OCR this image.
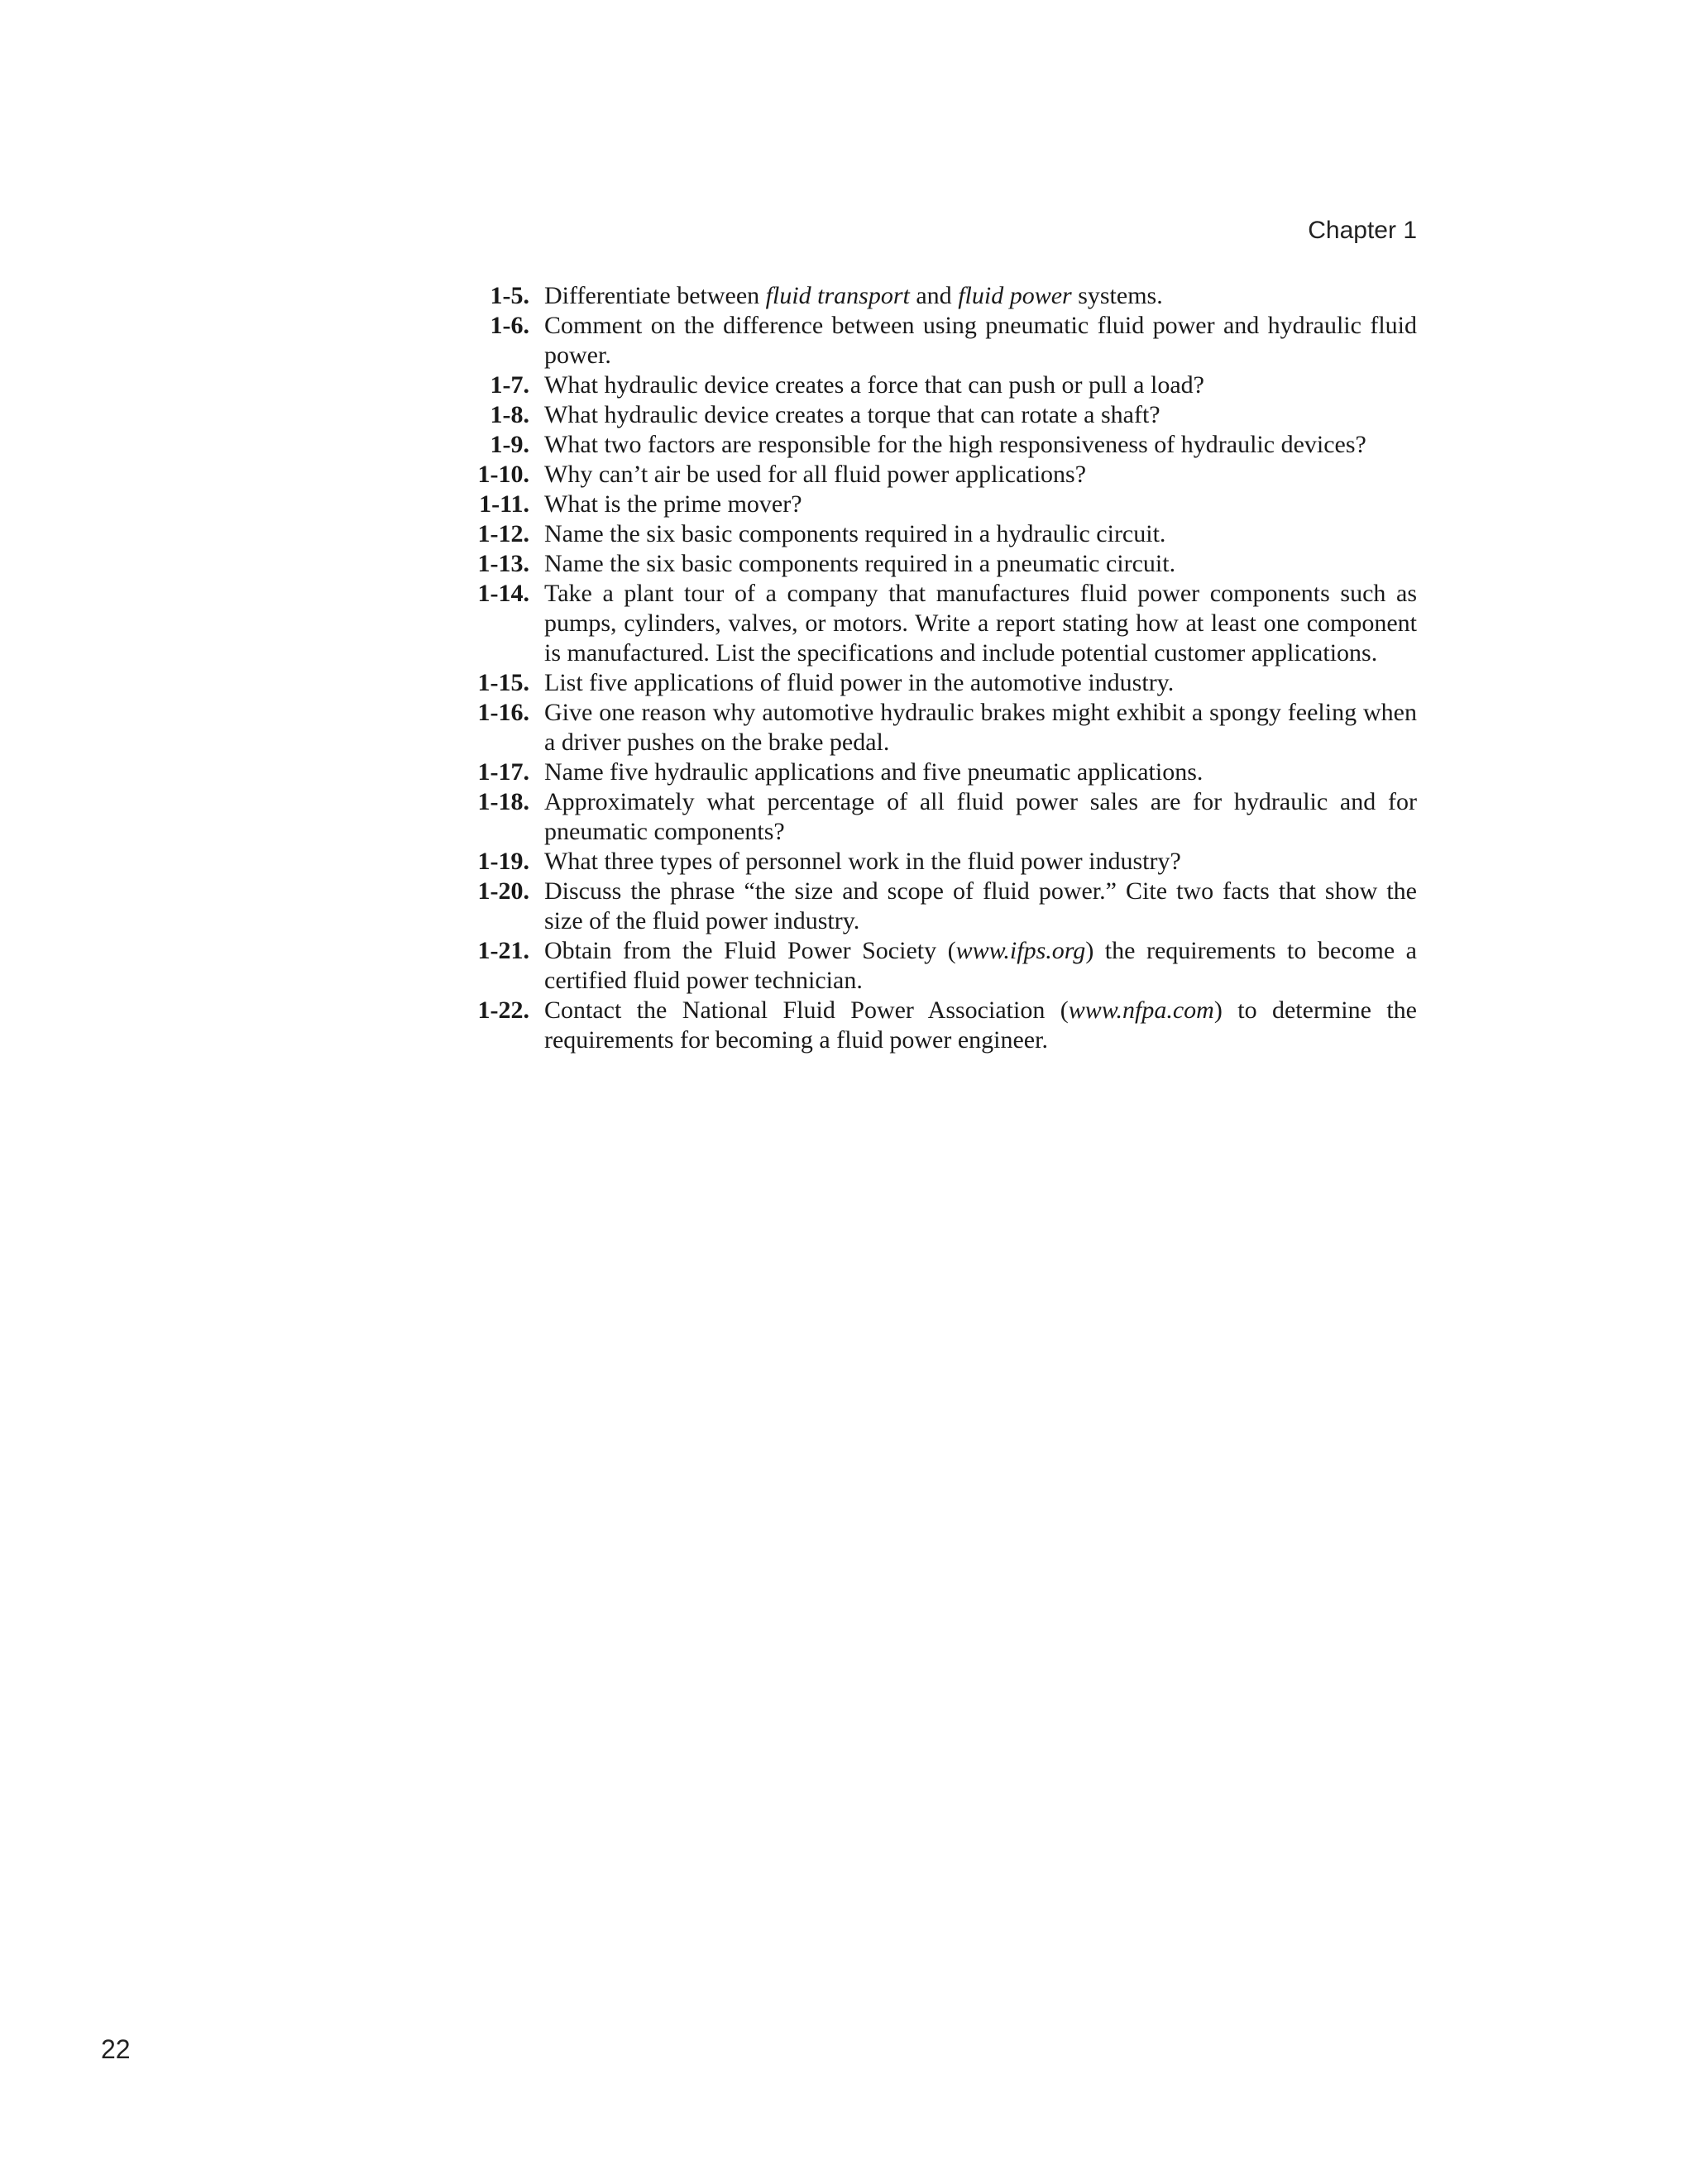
Chapter 1

1-5. Differentiate between fluid transport and fluid power systems.
1-6. Comment on the difference between using pneumatic fluid power and hydraulic fluid power.
1-7. What hydraulic device creates a force that can push or pull a load?
1-8. What hydraulic device creates a torque that can rotate a shaft?
1-9. What two factors are responsible for the high responsiveness of hydraulic devices?
1-10. Why can’t air be used for all fluid power applications?
1-11. What is the prime mover?
1-12. Name the six basic components required in a hydraulic circuit.
1-13. Name the six basic components required in a pneumatic circuit.
1-14. Take a plant tour of a company that manufactures fluid power components such as pumps, cylinders, valves, or motors. Write a report stating how at least one component is manufactured. List the specifications and include potential customer applications.
1-15. List five applications of fluid power in the automotive industry.
1-16. Give one reason why automotive hydraulic brakes might exhibit a spongy feeling when a driver pushes on the brake pedal.
1-17. Name five hydraulic applications and five pneumatic applications.
1-18. Approximately what percentage of all fluid power sales are for hydraulic and for pneumatic components?
1-19. What three types of personnel work in the fluid power industry?
1-20. Discuss the phrase “the size and scope of fluid power.” Cite two facts that show the size of the fluid power industry.
1-21. Obtain from the Fluid Power Society (www.ifps.org) the requirements to become a certified fluid power technician.
1-22. Contact the National Fluid Power Association (www.nfpa.com) to determine the requirements for becoming a fluid power engineer.

22
